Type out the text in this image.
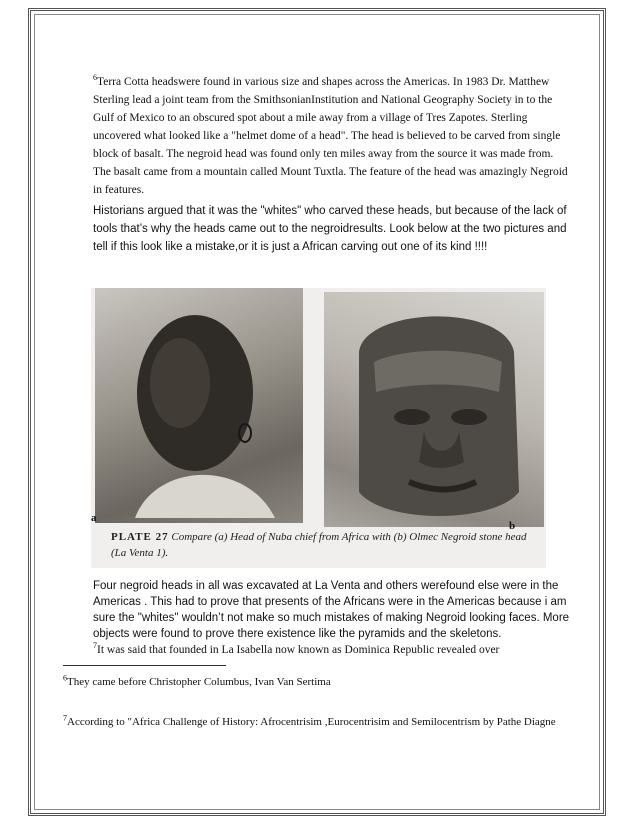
$^6$Terra Cotta headswere found in various size and shapes across the Americas. In 1983 Dr. Matthew Sterling lead a joint team from the SmithsonianInstitution and National Geography Society in to the Gulf of Mexico to an obscured spot about a mile away from a village of Tres Zapotes. Sterling uncovered what looked like a "helmet dome of a head". The head is believed to be carved from single block of basalt. The negroid head was found only ten miles away from the source it was made from. The basalt came from a mountain called Mount Tuxtla. The feature of the head was amazingly Negroid in features.
Historians argued that it was the "whites" who carved these heads, but because of the lack of tools that’s why the heads came out to the negroidresults. Look below at the two pictures and tell if this look like a mistake,or it is just a African carving out one of its kind !!!!
a
b
PLATE 27 Compare (a) Head of Nuba chief from Africa with (b) Olmec Negroid stone head (La Venta 1).
Four negroid heads in all was excavated at La Venta and others werefound else were in the Americas . This had to prove that presents of the Africans were in the Americas because i am sure the "whites" wouldn’t not make so much mistakes of making Negroid looking faces. More objects were found to prove there existence like the pyramids and the skeletons.
$^7$It was said that founded in La Isabella now known as Dominica Republic revealed over
$^6$They came before Christopher Columbus, Ivan Van Sertima
$^7$According to "Africa Challenge of History: Afrocentrisim ,Eurocentrisim and Semilocentrism by Pathe Diagne
